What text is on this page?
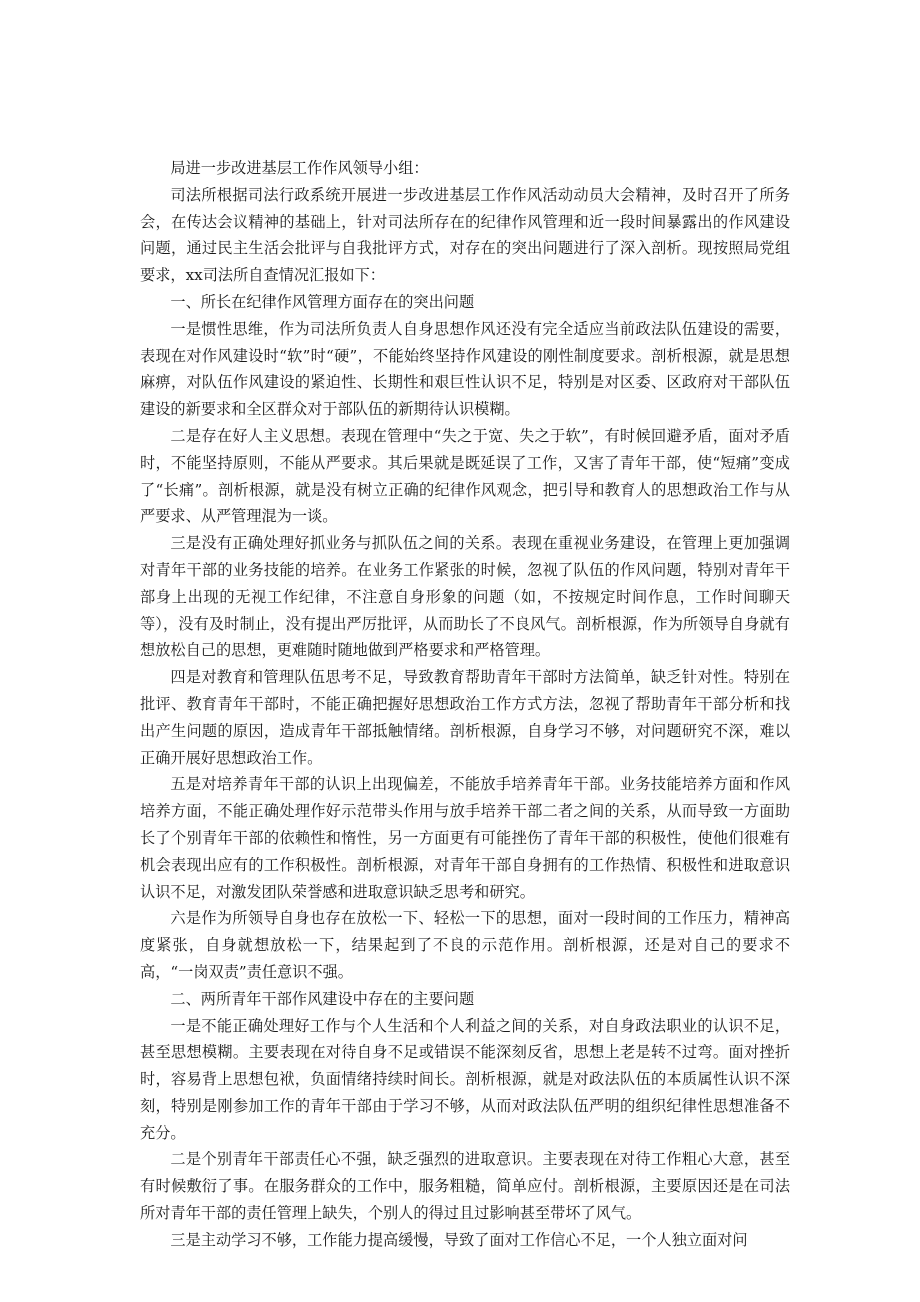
局进一步改进基层工作作风领导小组：

司法所根据司法行政系统开展进一步改进基层工作作风活动动员大会精神，及时召开了所务会，在传达会议精神的基础上，针对司法所存在的纪律作风管理和近一段时间暴露出的作风建设问题，通过民主生活会批评与自我批评方式，对存在的突出问题进行了深入剖析。现按照局党组要求，xx司法所自查情况汇报如下：

一、所长在纪律作风管理方面存在的突出问题

一是惯性思维，作为司法所负责人自身思想作风还没有完全适应当前政法队伍建设的需要，表现在对作风建设时“软”时“硬”，不能始终坚持作风建设的刚性制度要求。剖析根源，就是思想麻痹，对队伍作风建设的紧迫性、长期性和艰巨性认识不足，特别是对区委、区政府对干部队伍建设的新要求和全区群众对于部队伍的新期待认识模糊。

二是存在好人主义思想。表现在管理中“失之于宽、失之于软”，有时候回避矛盾，面对矛盾时，不能坚持原则，不能从严要求。其后果就是既延误了工作，又害了青年干部，使“短痛”变成了“长痛”。剖析根源，就是没有树立正确的纪律作风观念，把引导和教育人的思想政治工作与从严要求、从严管理混为一谈。

三是没有正确处理好抓业务与抓队伍之间的关系。表现在重视业务建设，在管理上更加强调对青年干部的业务技能的培养。在业务工作紧张的时候，忽视了队伍的作风问题，特别对青年干部身上出现的无视工作纪律，不注意自身形象的问题（如，不按规定时间作息，工作时间聊天等），没有及时制止，没有提出严厉批评，从而助长了不良风气。剖析根源，作为所领导自身就有想放松自己的思想，更难随时随地做到严格要求和严格管理。

四是对教育和管理队伍思考不足，导致教育帮助青年干部时方法简单，缺乏针对性。特别在批评、教育青年干部时，不能正确把握好思想政治工作方式方法，忽视了帮助青年干部分析和找出产生问题的原因，造成青年干部抵触情绪。剖析根源，自身学习不够，对问题研究不深，难以正确开展好思想政治工作。

五是对培养青年干部的认识上出现偏差，不能放手培养青年干部。业务技能培养方面和作风培养方面，不能正确处理作好示范带头作用与放手培养干部二者之间的关系，从而导致一方面助长了个别青年干部的依赖性和惰性，另一方面更有可能挫伤了青年干部的积极性，使他们很难有机会表现出应有的工作积极性。剖析根源，对青年干部自身拥有的工作热情、积极性和进取意识认识不足，对激发团队荣誉感和进取意识缺乏思考和研究。

六是作为所领导自身也存在放松一下、轻松一下的思想，面对一段时间的工作压力，精神高度紧张，自身就想放松一下，结果起到了不良的示范作用。剖析根源，还是对自己的要求不高，“一岗双责”责任意识不强。

二、两所青年干部作风建设中存在的主要问题

一是不能正确处理好工作与个人生活和个人利益之间的关系，对自身政法职业的认识不足，甚至思想模糊。主要表现在对待自身不足或错误不能深刻反省，思想上老是转不过弯。面对挫折时，容易背上思想包袱，负面情绪持续时间长。剖析根源，就是对政法队伍的本质属性认识不深刻，特别是刚参加工作的青年干部由于学习不够，从而对政法队伍严明的组织纪律性思想准备不充分。

二是个别青年干部责任心不强，缺乏强烈的进取意识。主要表现在对待工作粗心大意，甚至有时候敷衍了事。在服务群众的工作中，服务粗糙，简单应付。剖析根源，主要原因还是在司法所对青年干部的责任管理上缺失，个别人的得过且过影响甚至带坏了风气。

三是主动学习不够，工作能力提高缓慢，导致了面对工作信心不足，一个人独立面对问
